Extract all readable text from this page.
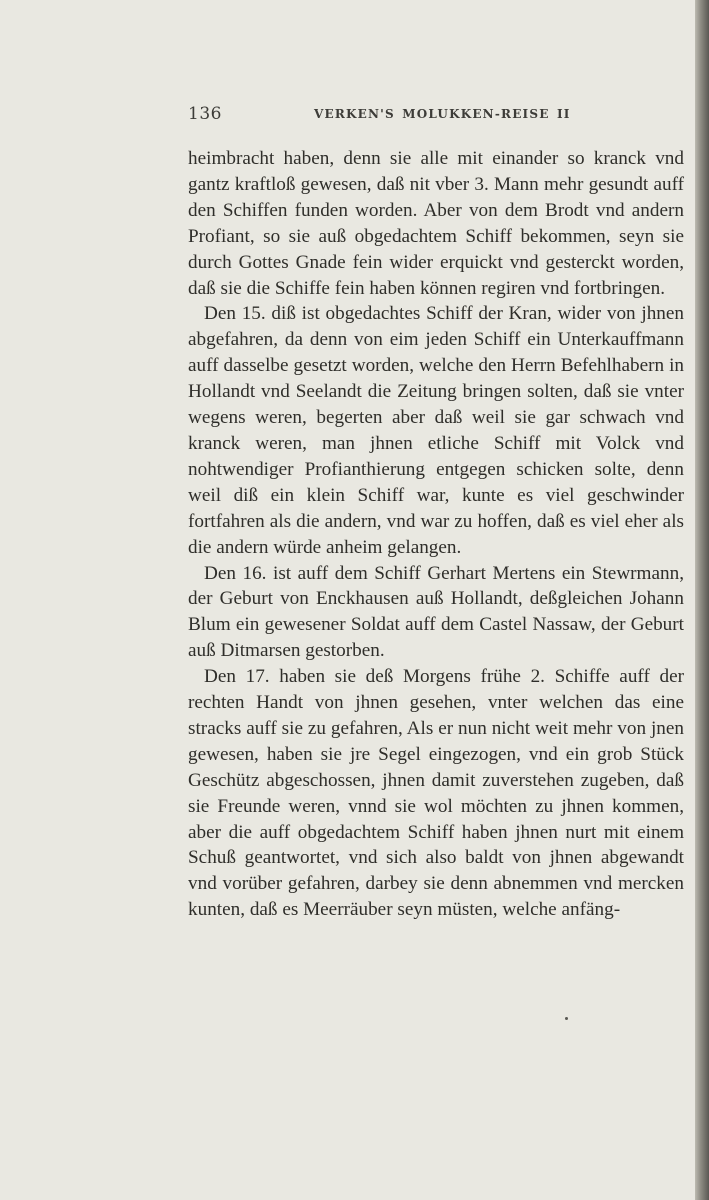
136	VERKEN'S MOLUKKEN-REISE II

heimbracht haben, denn sie alle mit einander so kranck vnd gantz kraftloß gewesen, daß nit vber 3. Mann mehr gesundt auff den Schiffen funden worden. Aber von dem Brodt vnd andern Profiant, so sie auß obgedachtem Schiff bekommen, seyn sie durch Gottes Gnade fein wider erquickt vnd gesterckt worden, daß sie die Schiffe fein haben können regiren vnd fortbringen.

Den 15. diß ist obgedachtes Schiff der Kran, wider von jhnen abgefahren, da denn von eim jeden Schiff ein Unterkauffmann auff dasselbe gesetzt worden, welche den Herrn Befehlhabern in Hollandt vnd Seelandt die Zeitung bringen solten, daß sie vnter wegens weren, begerten aber daß weil sie gar schwach vnd kranck weren, man jhnen etliche Schiff mit Volck vnd nohtwendiger Profianthierung entgegen schicken solte, denn weil diß ein klein Schiff war, kunte es viel geschwinder fortfahren als die andern, vnd war zu hoffen, daß es viel eher als die andern würde anheim gelangen.

Den 16. ist auff dem Schiff Gerhart Mertens ein Stewrmann, der Geburt von Enckhausen auß Hollandt, deßgleichen Johann Blum ein gewesener Soldat auff dem Castel Nassaw, der Geburt auß Ditmarsen gestorben.

Den 17. haben sie deß Morgens frühe 2. Schiffe auff der rechten Handt von jhnen gesehen, vnter welchen das eine stracks auff sie zu gefahren, Als er nun nicht weit mehr von jnen gewesen, haben sie jre Segel eingezogen, vnd ein grob Stück Geschütz abgeschossen, jhnen damit zuverstehen zugeben, daß sie Freunde weren, vnnd sie wol möchten zu jhnen kommen, aber die auff obgedachtem Schiff haben jhnen nurt mit einem Schuß geantwortet, vnd sich also baldt von jhnen abgewandt vnd vorüber gefahren, darbey sie denn abnemmen vnd mercken kunten, daß es Meerräuber seyn müsten, welche anfäng-
